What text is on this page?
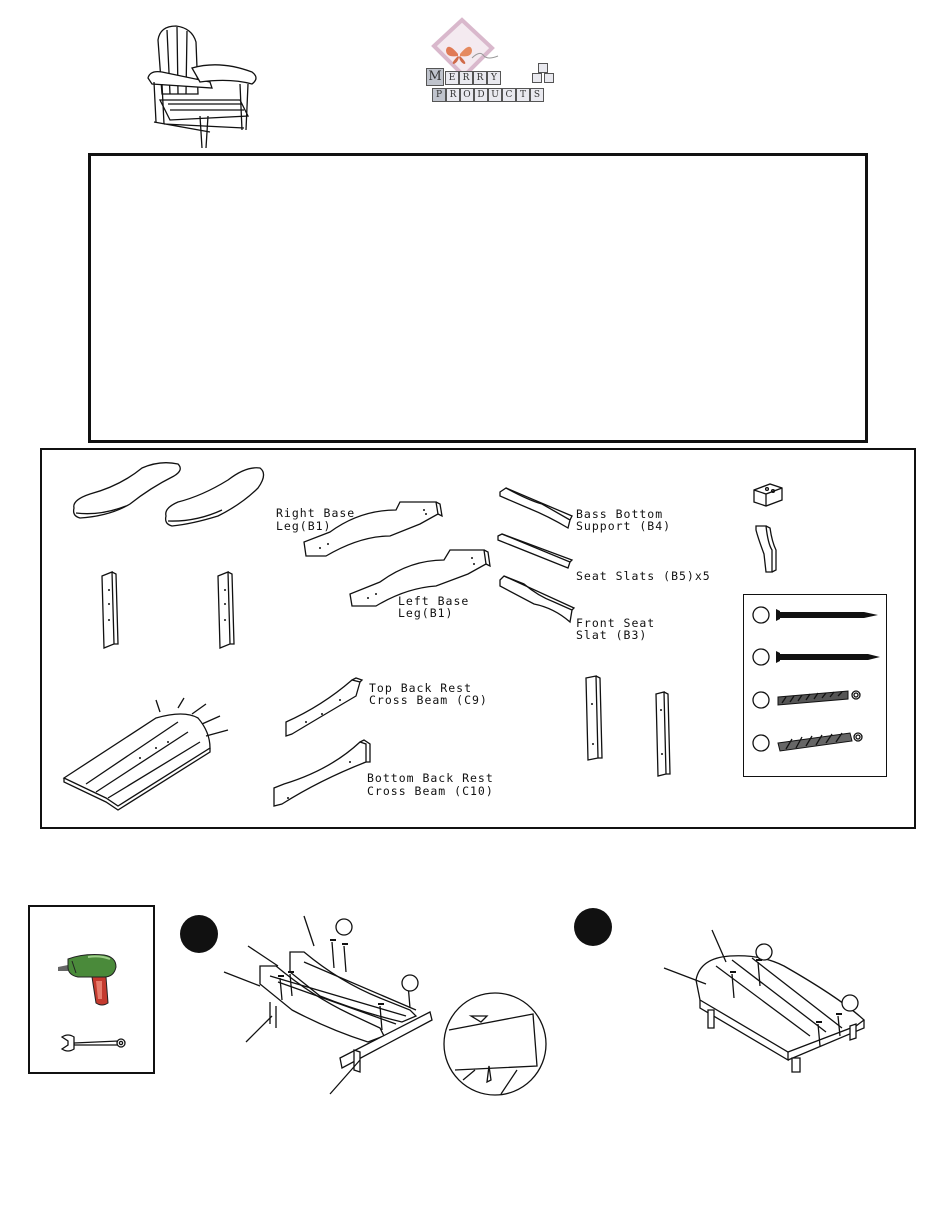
M E R R Y
P R O D U C T S
Right Base
Leg(B1)
Left Base
Leg(B1)
Bass Bottom
Support (B4)
Seat Slats (B5)x5
Front Seat
Slat (B3)
Top Back Rest
Cross Beam (C9)
Bottom Back Rest
Cross Beam (C10)
